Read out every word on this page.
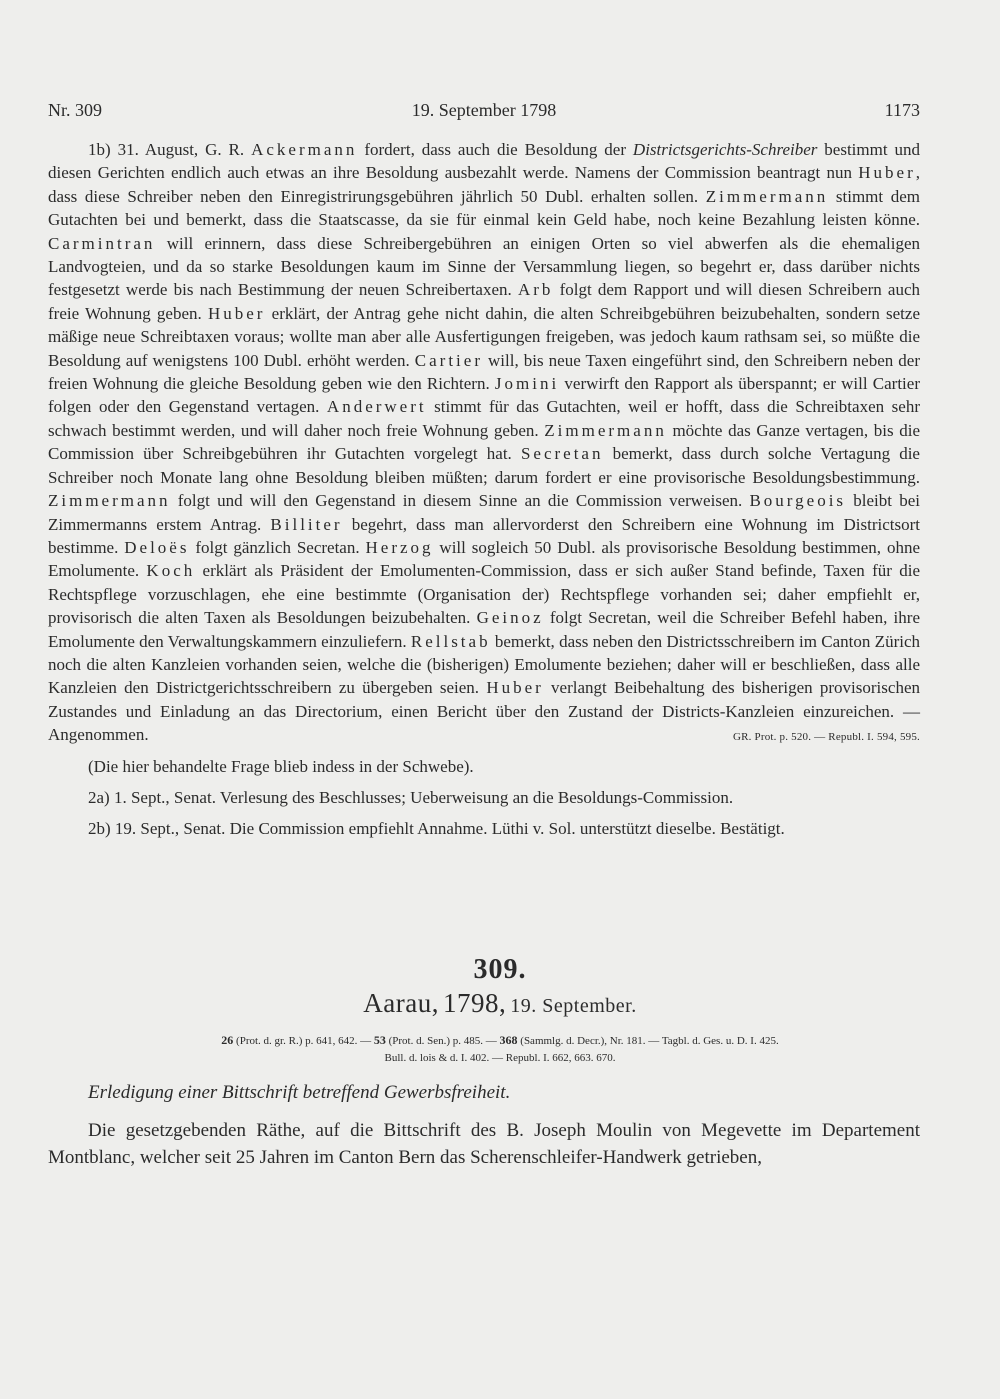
Nr. 309	19. September 1798	1173

1b) 31. August, G. R. Ackermann fordert, dass auch die Besoldung der Districtsgerichts-Schreiber bestimmt und diesen Gerichten endlich auch etwas an ihre Besoldung ausbezahlt werde. Namens der Commission beantragt nun Huber, dass diese Schreiber neben den Einregistrirungsgebühren jährlich 50 Dubl. erhalten sollen. Zimmermann stimmt dem Gutachten bei und bemerkt, dass die Staatscasse, da sie für einmal kein Geld habe, noch keine Bezahlung leisten könne. Carmintran will erinnern, dass diese Schreibergebühren an einigen Orten so viel abwerfen als die ehemaligen Landvogteien, und da so starke Besoldungen kaum im Sinne der Versammlung liegen, so begehrt er, dass darüber nichts festgesetzt werde bis nach Bestimmung der neuen Schreibertaxen. Arb folgt dem Rapport und will diesen Schreibern auch freie Wohnung geben. Huber erklärt, der Antrag gehe nicht dahin, die alten Schreibgebühren beizubehalten, sondern setze mäßige neue Schreibtaxen voraus; wollte man aber alle Ausfertigungen freigeben, was jedoch kaum rathsam sei, so müßte die Besoldung auf wenigstens 100 Dubl. erhöht werden. Cartier will, bis neue Taxen eingeführt sind, den Schreibern neben der freien Wohnung die gleiche Besoldung geben wie den Richtern. Jomini verwirft den Rapport als überspannt; er will Cartier folgen oder den Gegenstand vertagen. Anderwert stimmt für das Gutachten, weil er hofft, dass die Schreibtaxen sehr schwach bestimmt werden, und will daher noch freie Wohnung geben. Zimmermann möchte das Ganze vertagen, bis die Commission über Schreibgebühren ihr Gutachten vorgelegt hat. Secretan bemerkt, dass durch solche Vertagung die Schreiber noch Monate lang ohne Besoldung bleiben müßten; darum fordert er eine provisorische Besoldungsbestimmung. Zimmermann folgt und will den Gegenstand in diesem Sinne an die Commission verweisen. Bourgeois bleibt bei Zimmermanns erstem Antrag. Billiter begehrt, dass man allervorderst den Schreibern eine Wohnung im Districtsort bestimme. Deloës folgt gänzlich Secretan. Herzog will sogleich 50 Dubl. als provisorische Besoldung bestimmen, ohne Emolumente. Koch erklärt als Präsident der Emolumenten-Commission, dass er sich außer Stand befinde, Taxen für die Rechtspflege vorzuschlagen, ehe eine bestimmte (Organisation der) Rechtspflege vorhanden sei; daher empfiehlt er, provisorisch die alten Taxen als Besoldungen beizubehalten. Geinoz folgt Secretan, weil die Schreiber Befehl haben, ihre Emolumente den Verwaltungskammern einzuliefern. Rellstab bemerkt, dass neben den Districtsschreibern im Canton Zürich noch die alten Kanzleien vorhanden seien, welche die (bisherigen) Emolumente beziehen; daher will er beschließen, dass alle Kanzleien den Districtgerichtsschreibern zu übergeben seien. Huber verlangt Beibehaltung des bisherigen provisorischen Zustandes und Einladung an das Directorium, einen Bericht über den Zustand der Districts-Kanzleien einzureichen. — Angenommen.	GR. Prot. p. 520. — Republ. I. 594, 595.

(Die hier behandelte Frage blieb indess in der Schwebe).

2a) 1. Sept., Senat. Verlesung des Beschlusses; Ueberweisung an die Besoldungs-Commission.

2b) 19. Sept., Senat. Die Commission empfiehlt Annahme. Lüthi v. Sol. unterstützt dieselbe. Bestätigt.

309.
Aarau, 1798, 19. September.
26 (Prot. d. gr. R.) p. 641, 642. — 53 (Prot. d. Sen.) p. 485. — 368 (Sammlg. d. Decr.), Nr. 181. — Tagbl. d. Ges. u. D. I. 425.
Bull. d. lois & d. I. 402. — Republ. I. 662, 663. 670.
Erledigung einer Bittschrift betreffend Gewerbsfreiheit.

Die gesetzgebenden Räthe, auf die Bittschrift des B. Joseph Moulin von Megevette im Departement Montblanc, welcher seit 25 Jahren im Canton Bern das Scherenschleifer-Handwerk getrieben,
